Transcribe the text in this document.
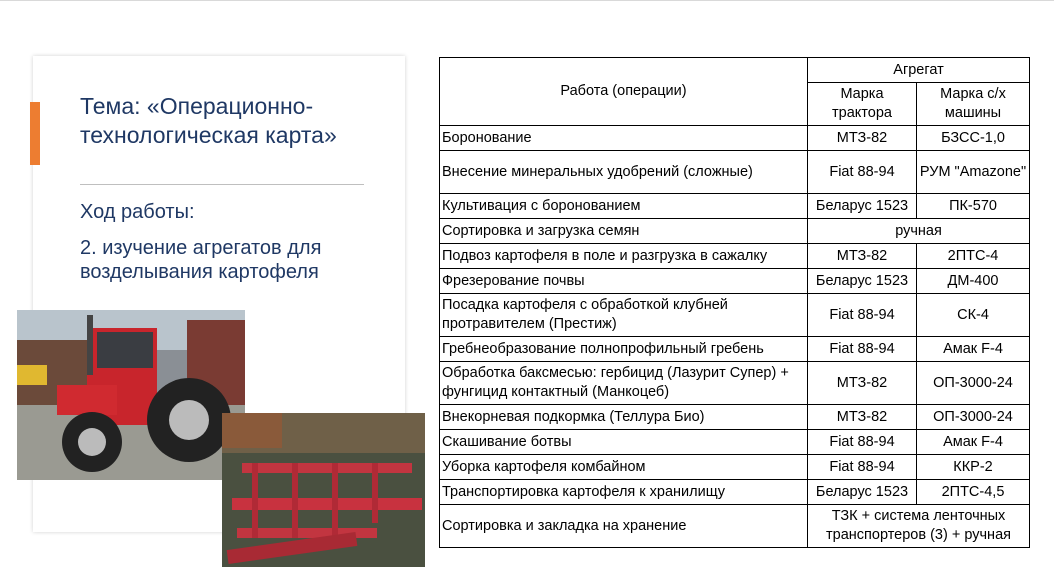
Тема: «Операционно-технологическая карта»
Ход работы:
2. изучение агрегатов для возделывания картофеля
Работа (операции)	Агрегат	
	Марка трактора	Марка с/х машины
Боронование	МТЗ-82	БЗСС-1,0
Внесение минеральных удобрений (сложные)	Fiat 88-94	РУМ "Amazone"
Культивация с боронованием	Беларус 1523	ПК-570
Сортировка и загрузка семян	ручная	
Подвоз картофеля в поле и разгрузка в сажалку	МТЗ-82	2ПТС-4
Фрезерование почвы	Беларус 1523	ДМ-400
Посадка картофеля с обработкой клубней протравителем (Престиж)	Fiat 88-94	СК-4
Гребнеобразование полнопрофильный гребень	Fiat 88-94	Амак F-4
Обработка баксмесью: гербицид (Лазурит Супер) + фунгицид контактный (Манкоцеб)	МТЗ-82	ОП-3000-24
Внекорневая подкормка (Теллура Био)	МТЗ-82	ОП-3000-24
Скашивание ботвы	Fiat 88-94	Амак F-4
Уборка картофеля комбайном	Fiat 88-94	ККР-2
Транспортировка картофеля к хранилищу	Беларус 1523	2ПТС-4,5
Сортировка и закладка на хранение	ТЗК + система ленточных транспортеров (3) + ручная	
